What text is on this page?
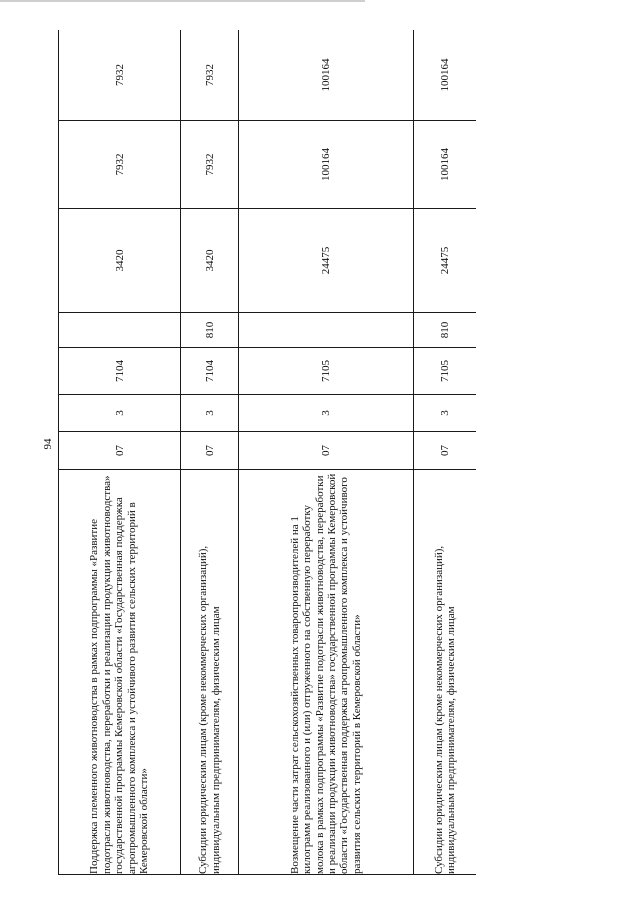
94
Поддержка племенного животноводства в рамках подпрограммы «Развитие подотрасли животноводства, переработки и реализации продукции животноводства» государственной программы Кемеровской области «Государственная поддержка агропромышленного комплекса и устойчивого развития сельских территорий в Кемеровской области»	07	3	7104		3420	7932	7932
Субсидии юридическим лицам (кроме некоммерческих организаций), индивидуальным предпринимателям, физическим лицам	07	3	7104	810	3420	7932	7932
Возмещение части затрат сельскохозяйственных товаропроизводителей на 1 килограмм реализованного и (или) отгруженного на собственную переработку молока в рамках подпрограммы «Развитие подотрасли животноводства, переработки и реализации продукции животноводства» государственной программы Кемеровской области «Государственная поддержка агропромышленного комплекса и устойчивого развития сельских территорий в Кемеровской области»	07	3	7105		24475	100164	100164
Субсидии юридическим лицам (кроме некоммерческих организаций), индивидуальным предпринимателям, физическим лицам	07	3	7105	810	24475	100164	100164
